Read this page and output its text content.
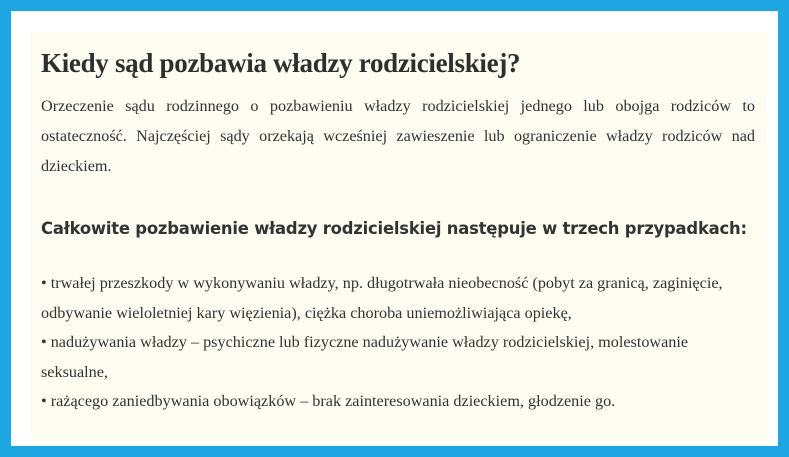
Kiedy sąd pozbawia władzy rodzicielskiej?

Orzeczenie sądu rodzinnego o pozbawieniu władzy rodzicielskiej jednego lub obojga rodziców to ostateczność. Najczęściej sądy orzekają wcześniej zawieszenie lub ograniczenie władzy rodziców nad dzieckiem.

Całkowite pozbawienie władzy rodzicielskiej następuje w trzech przypadkach:
• trwałej przeszkody w wykonywaniu władzy, np. długotrwała nieobecność (pobyt za granicą, zaginięcie, odbywanie wieloletniej kary więzienia), ciężka choroba uniemożliwiająca opiekę,
• nadużywania władzy – psychiczne lub fizyczne nadużywanie władzy rodzicielskiej, molestowanie seksualne,
• rażącego zaniedbywania obowiązków – brak zainteresowania dzieckiem, głodzenie go.
